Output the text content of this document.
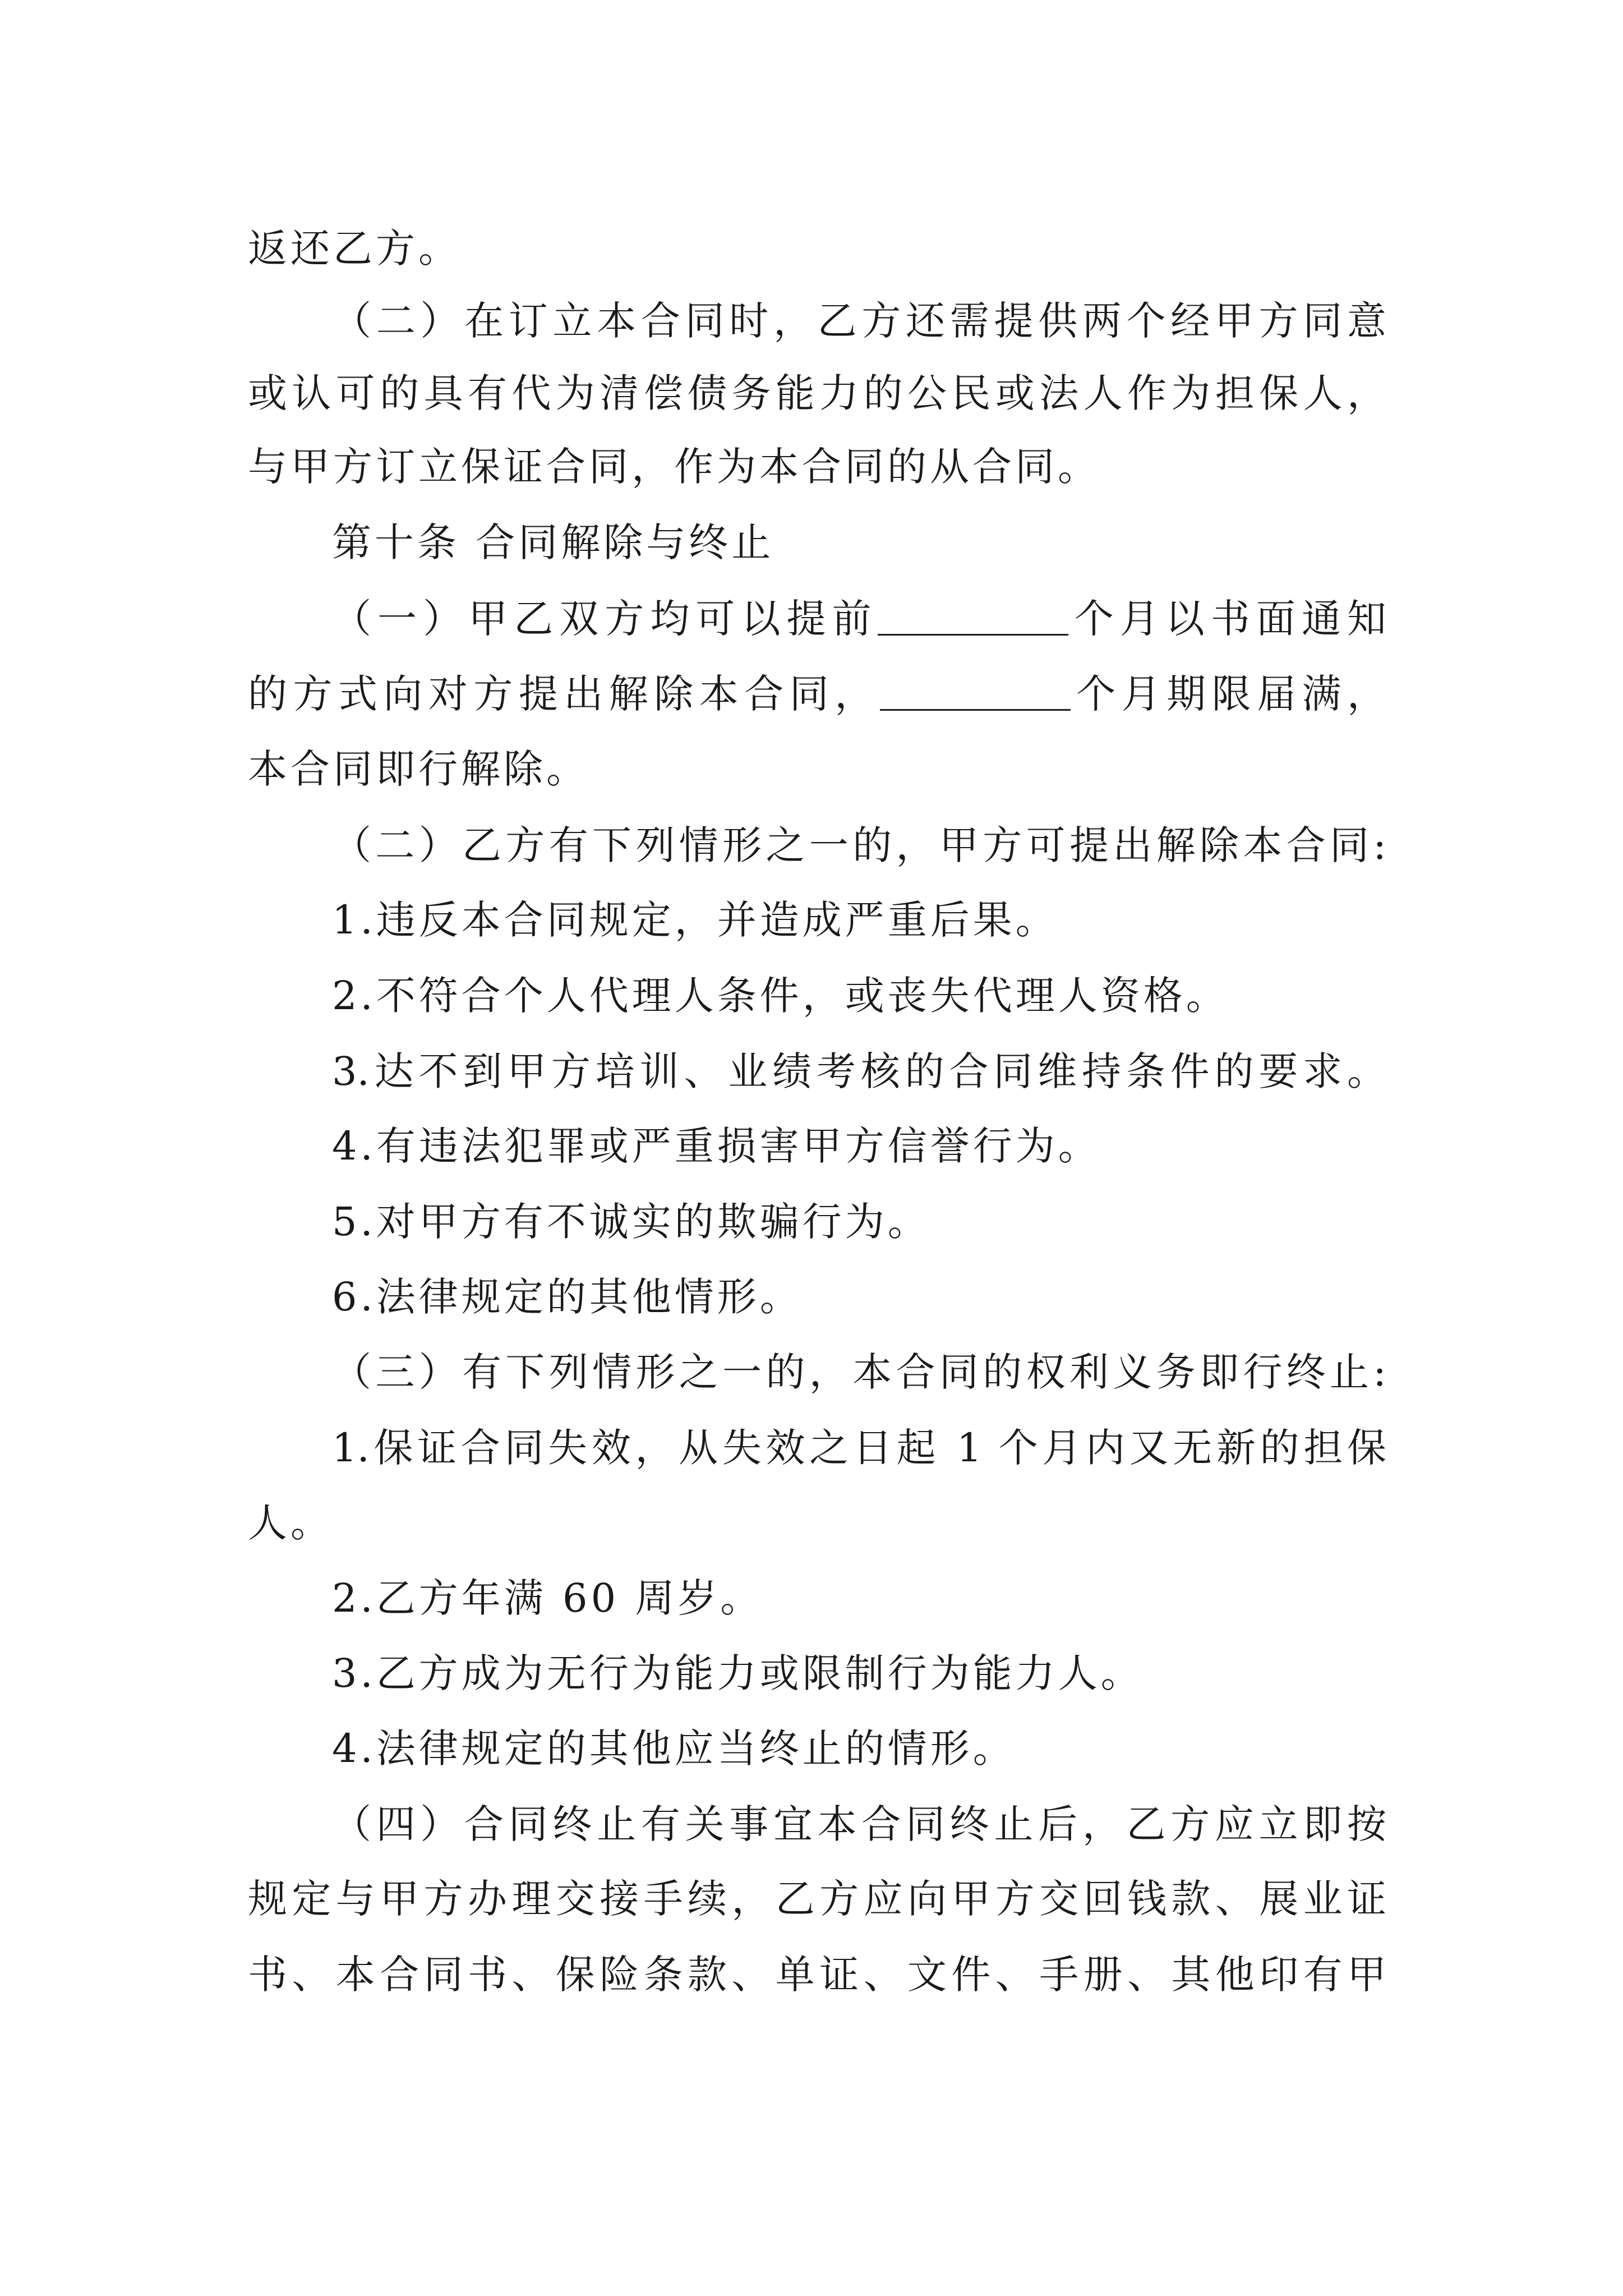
返还乙方。
（二）在订立本合同时，乙方还需提供两个经甲方同意
或认可的具有代为清偿债务能力的公民或法人作为担保人，
与甲方订立保证合同，作为本合同的从合同。
第十条 合同解除与终止
（一）甲乙双方均可以提前	个月以书面通知
的方式向对方提出解除本合同，	个月期限届满，
本合同即行解除。
（二）乙方有下列情形之一的，甲方可提出解除本合同:
1.违反本合同规定，并造成严重后果。
2.不符合个人代理人条件，或丧失代理人资格。
3.达不到甲方培训、业绩考核的合同维持条件的要求。
4.有违法犯罪或严重损害甲方信誉行为。
5.对甲方有不诚实的欺骗行为。
6.法律规定的其他情形。
（三）有下列情形之一的，本合同的权利义务即行终止:
1.保证合同失效，从失效之日起 1 个月内又无新的担保
人。
2.乙方年满 60 周岁。
3.乙方成为无行为能力或限制行为能力人。
4.法律规定的其他应当终止的情形。
（四）合同终止有关事宜本合同终止后，乙方应立即按
规定与甲方办理交接手续，乙方应向甲方交回钱款、展业证
书、本合同书、保险条款、单证、文件、手册、其他印有甲
